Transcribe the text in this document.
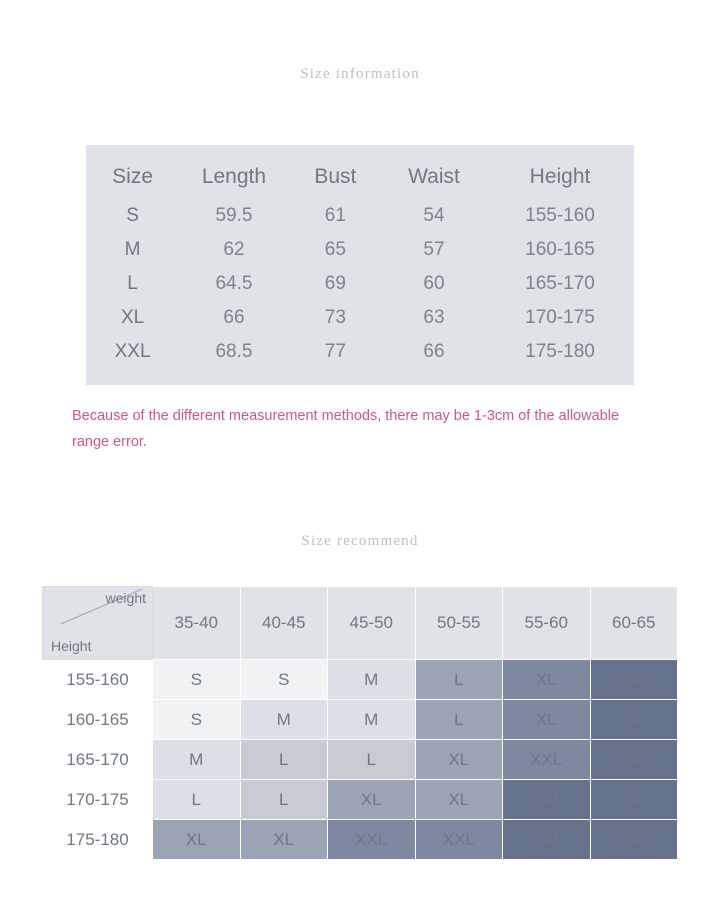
Size information
Size	Length	Bust	Waist	Height
S	59.5	61	54	155-160
M	62	65	57	160-165
L	64.5	69	60	165-170
XL	66	73	63	170-175
XXL	68.5	77	66	175-180
Because of the different measurement methods, there may be 1-3cm of the allowable range error.
Size recommend
weight
Height	35-40	40-45	45-50	50-55	55-60	60-65
155-160	S	S	M	L	XL	XXL
160-165	S	M	M	L	XL	XXL
165-170	M	L	L	XL	XXL	XXL
170-175	L	L	XL	XL	XXL	XXL
175-180	XL	XL	XXL	XXL	XXL	XXL
